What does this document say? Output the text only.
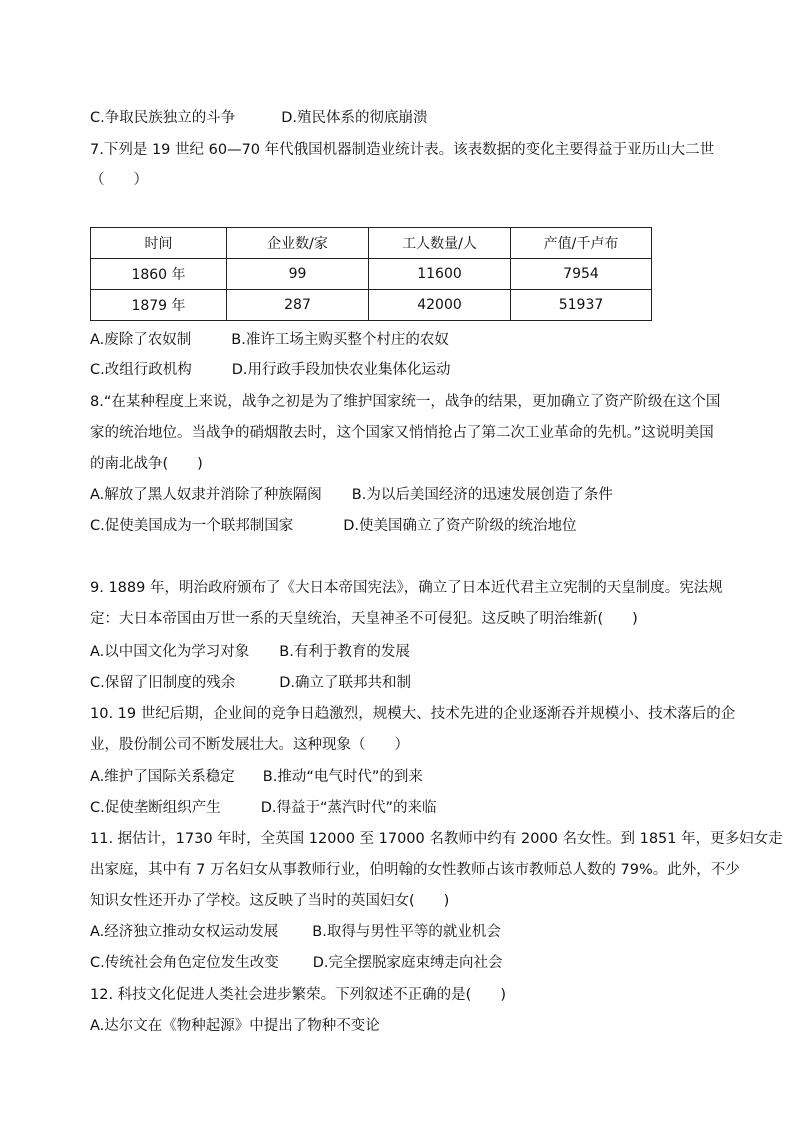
C.争取民族独立的斗争	D.殖民体系的彻底崩溃
7.下列是 19 世纪 60—70 年代俄国机器制造业统计表。该表数据的变化主要得益于亚历山大二世
（　　）
时间	企业数/家	工人数量/人	产值/千卢布
1860 年	99	11600	7954
1879 年	287	42000	51937
A.废除了农奴制	B.准许工场主购买整个村庄的农奴
C.改组行政机构	D.用行政手段加快农业集体化运动
8.“在某种程度上来说，战争之初是为了维护国家统一，战争的结果，更加确立了资产阶级在这个国
家的统治地位。当战争的硝烟散去时，这个国家又悄悄抢占了第二次工业革命的先机。”这说明美国
的南北战争(　　)
A.解放了黑人奴隶并消除了种族隔阂 B.为以后美国经济的迅速发展创造了条件
C.促使美国成为一个联邦制国家	D.使美国确立了资产阶级的统治地位
9. 1889 年，明治政府颁布了《大日本帝国宪法》，确立了日本近代君主立宪制的天皇制度。宪法规
定：大日本帝国由万世一系的天皇统治，天皇神圣不可侵犯。这反映了明治维新(　　)
A.以中国文化为学习对象 B.有利于教育的发展
C.保留了旧制度的残余	D.确立了联邦共和制
10. 19 世纪后期，企业间的竞争日趋激烈，规模大、技术先进的企业逐渐吞并规模小、技术落后的企
业，股份制公司不断发展壮大。这种现象（　　）
A.维护了国际关系稳定 B.推动“电气时代”的到来
C.促使垄断组织产生	D.得益于“蒸汽时代”的来临
11. 据估计，1730 年时，全英国 12000 至 17000 名教师中约有 2000 名女性。到 1851 年，更多妇女走
出家庭，其中有 7 万名妇女从事教师行业，伯明翰的女性教师占该市教师总人数的 79%。此外，不少
知识女性还开办了学校。这反映了当时的英国妇女(　　)
A.经济独立推动女权运动发展 B.取得与男性平等的就业机会
C.传统社会角色定位发生改变 D.完全摆脱家庭束缚走向社会
12. 科技文化促进人类社会进步繁荣。下列叙述不正确的是(　　)
A.达尔文在《物种起源》中提出了物种不变论
